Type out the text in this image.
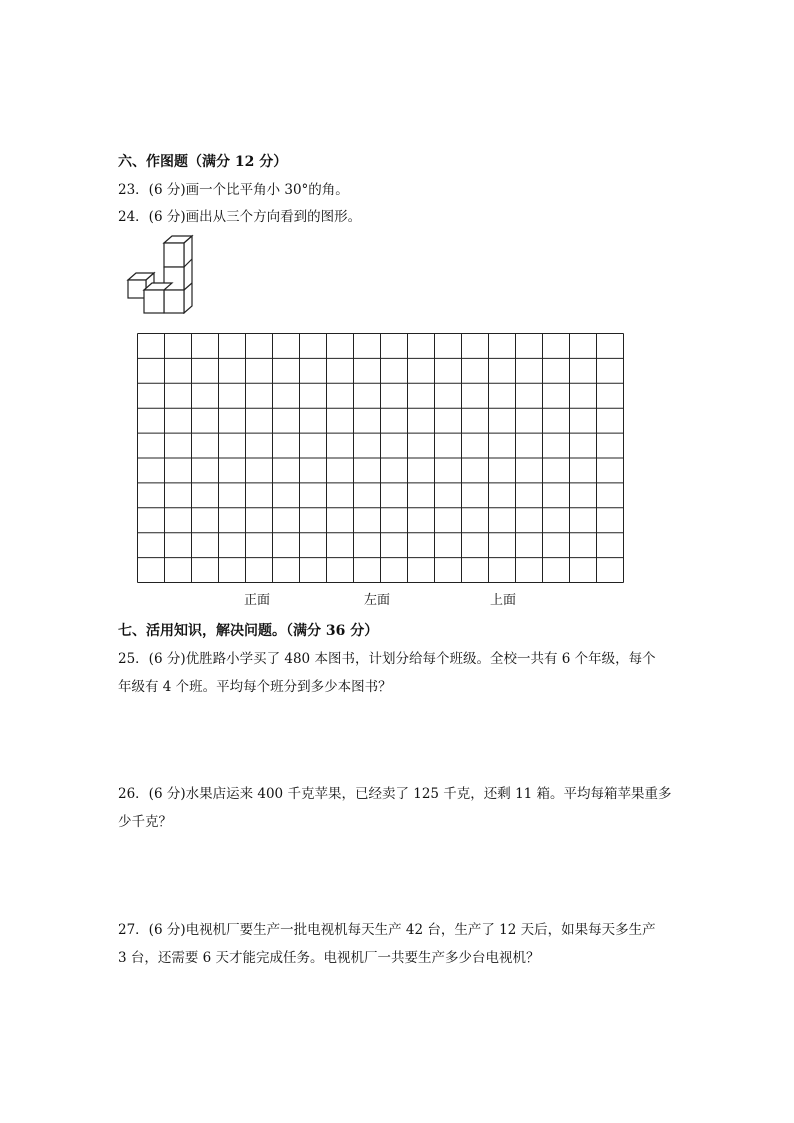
六、作图题（满分 12 分）
23．(6 分)画一个比平角小 30°的角。
24．(6 分)画出从三个方向看到的图形。
正面	左面	上面
七、活用知识，解决问题。（满分 36 分）
25．(6 分)优胜路小学买了 480 本图书，计划分给每个班级。全校一共有 6 个年级，每个
年级有 4 个班。平均每个班分到多少本图书？
26．(6 分)水果店运来 400 千克苹果，已经卖了 125 千克，还剩 11 箱。平均每箱苹果重多
少千克？
27．(6 分)电视机厂要生产一批电视机每天生产 42 台，生产了 12 天后，如果每天多生产
3 台，还需要 6 天才能完成任务。电视机厂一共要生产多少台电视机？
